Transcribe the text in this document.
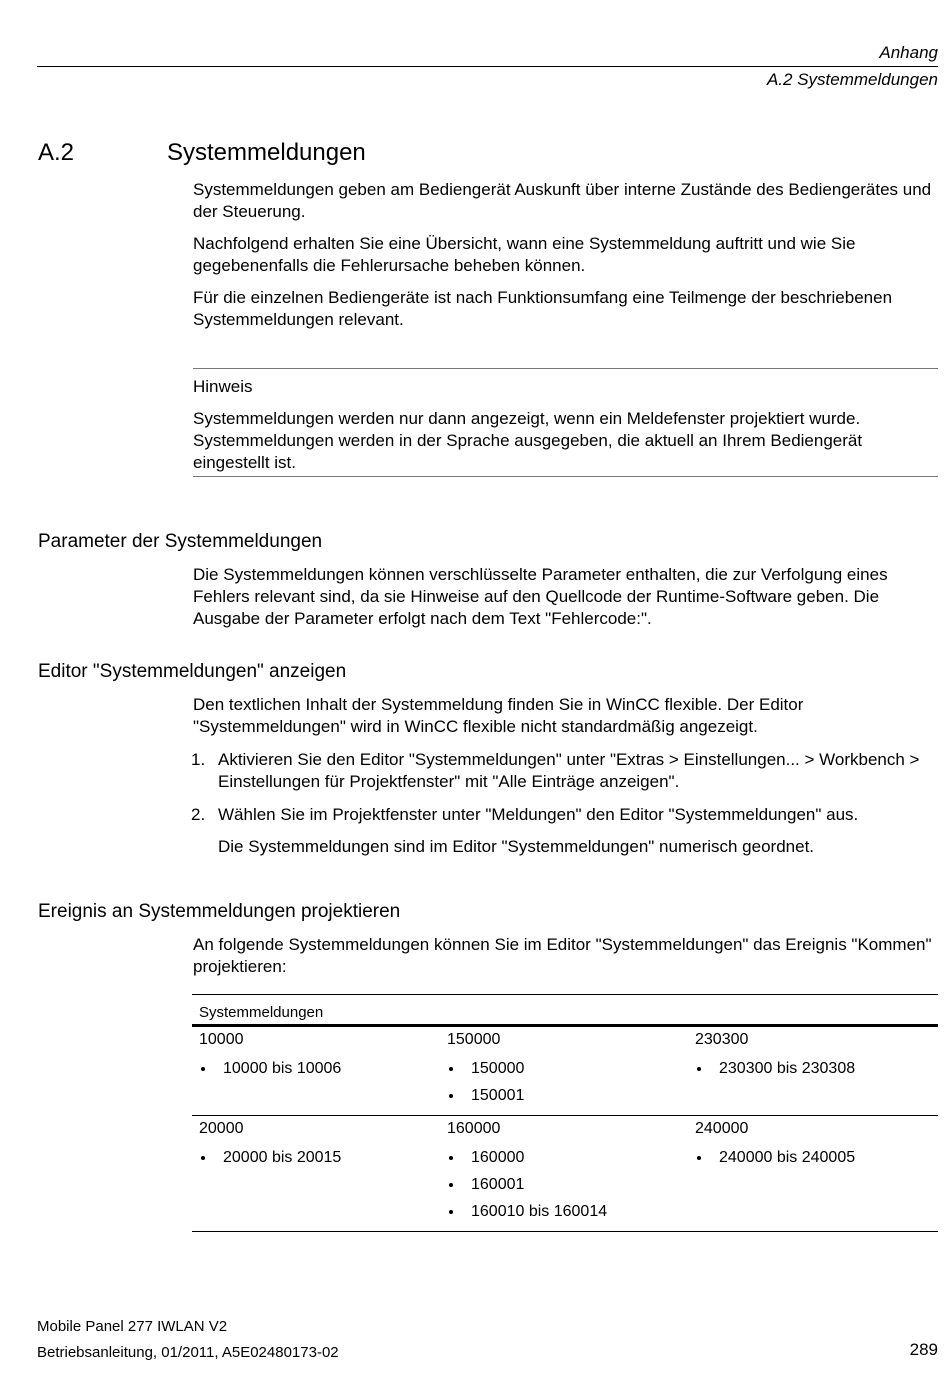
Anhang
A.2 Systemmeldungen
A.2	Systemmeldungen
Systemmeldungen geben am Bediengerät Auskunft über interne Zustände des Bediengerätes und der Steuerung.
Nachfolgend erhalten Sie eine Übersicht, wann eine Systemmeldung auftritt und wie Sie gegebenenfalls die Fehlerursache beheben können.
Für die einzelnen Bediengeräte ist nach Funktionsumfang eine Teilmenge der beschriebenen Systemmeldungen relevant.
Hinweis
Systemmeldungen werden nur dann angezeigt, wenn ein Meldefenster projektiert wurde. Systemmeldungen werden in der Sprache ausgegeben, die aktuell an Ihrem Bediengerät eingestellt ist.
Parameter der Systemmeldungen
Die Systemmeldungen können verschlüsselte Parameter enthalten, die zur Verfolgung eines Fehlers relevant sind, da sie Hinweise auf den Quellcode der Runtime-Software geben. Die Ausgabe der Parameter erfolgt nach dem Text "Fehlercode:".
Editor "Systemmeldungen" anzeigen
Den textlichen Inhalt der Systemmeldung finden Sie in WinCC flexible. Der Editor "Systemmeldungen" wird in WinCC flexible nicht standardmäßig angezeigt.
1. Aktivieren Sie den Editor "Systemmeldungen" unter "Extras > Einstellungen... > Workbench > Einstellungen für Projektfenster" mit "Alle Einträge anzeigen".
2. Wählen Sie im Projektfenster unter "Meldungen" den Editor "Systemmeldungen" aus.
Die Systemmeldungen sind im Editor "Systemmeldungen" numerisch geordnet.
Ereignis an Systemmeldungen projektieren
An folgende Systemmeldungen können Sie im Editor "Systemmeldungen" das Ereignis "Kommen" projektieren:
Systemmeldungen
10000
10000 bis 10006
150000
150000
150001
230300
230300 bis 230308
20000
20000 bis 20015
160000
160000
160001
160010 bis 160014
240000
240000 bis 240005
Mobile Panel 277 IWLAN V2
Betriebsanleitung, 01/2011, A5E02480173-02	289
